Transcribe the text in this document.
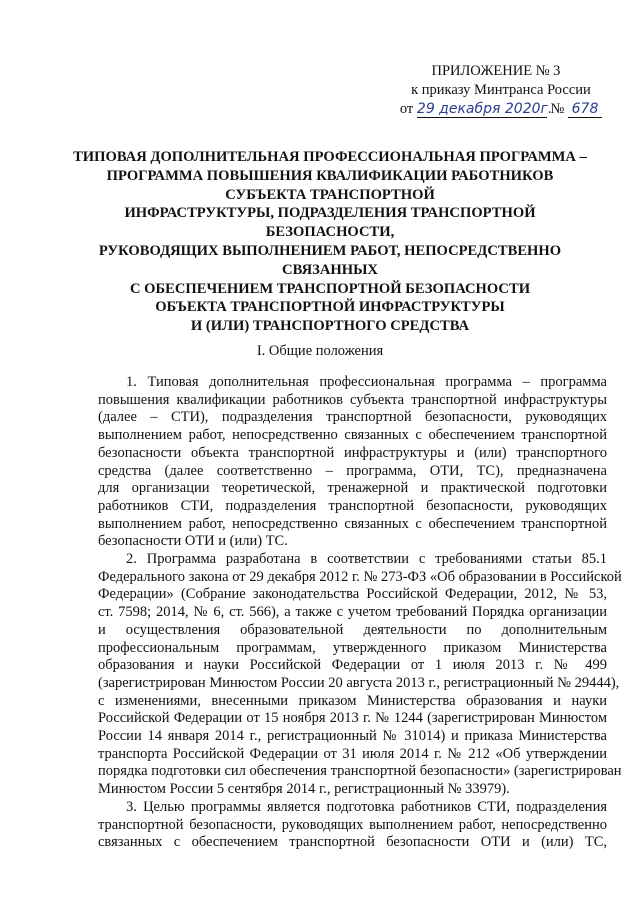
ПРИЛОЖЕНИЕ № 3
к приказу Минтранса России
от 29 декабря 2020г. № 678
ТИПОВАЯ ДОПОЛНИТЕЛЬНАЯ ПРОФЕССИОНАЛЬНАЯ ПРОГРАММА –
ПРОГРАММА ПОВЫШЕНИЯ КВАЛИФИКАЦИИ РАБОТНИКОВ
СУБЪЕКТА ТРАНСПОРТНОЙ
ИНФРАСТРУКТУРЫ, ПОДРАЗДЕЛЕНИЯ ТРАНСПОРТНОЙ
БЕЗОПАСНОСТИ,
РУКОВОДЯЩИХ ВЫПОЛНЕНИЕМ РАБОТ, НЕПОСРЕДСТВЕННО
СВЯЗАННЫХ
С ОБЕСПЕЧЕНИЕМ ТРАНСПОРТНОЙ БЕЗОПАСНОСТИ
ОБЪЕКТА ТРАНСПОРТНОЙ ИНФРАСТРУКТУРЫ
И (ИЛИ) ТРАНСПОРТНОГО СРЕДСТВА
I. Общие положения

1. Типовая дополнительная профессиональная программа – программа
повышения квалификации работников субъекта транспортной инфраструктуры
(далее – СТИ), подразделения транспортной безопасности, руководящих
выполнением работ, непосредственно связанных с обеспечением транспортной
безопасности объекта транспортной инфраструктуры и (или) транспортного
средства (далее соответственно – программа, ОТИ, ТС), предназначена
для организации теоретической, тренажерной и практической подготовки
работников СТИ, подразделения транспортной безопасности, руководящих
выполнением работ, непосредственно связанных с обеспечением транспортной
безопасности ОТИ и (или) ТС.

2. Программа разработана в соответствии с требованиями статьи 85.1
Федерального закона от 29 декабря 2012 г. № 273-ФЗ «Об образовании в Российской
Федерации» (Собрание законодательства Российской Федерации, 2012, № 53,
ст. 7598; 2014, № 6, ст. 566), а также с учетом требований Порядка организации
и осуществления образовательной деятельности по дополнительным
профессиональным программам, утвержденного приказом Министерства
образования и науки Российской Федерации от 1 июля 2013 г. № 499
(зарегистрирован Минюстом России 20 августа 2013 г., регистрационный № 29444),
с изменениями, внесенными приказом Министерства образования и науки
Российской Федерации от 15 ноября 2013 г. № 1244 (зарегистрирован Минюстом
России 14 января 2014 г., регистрационный № 31014) и приказа Министерства
транспорта Российской Федерации от 31 июля 2014 г. № 212 «Об утверждении
порядка подготовки сил обеспечения транспортной безопасности» (зарегистрирован
Минюстом России 5 сентября 2014 г., регистрационный № 33979).

3. Целью программы является подготовка работников СТИ, подразделения
транспортной безопасности, руководящих выполнением работ, непосредственно
связанных с обеспечением транспортной безопасности ОТИ и (или) ТС,
